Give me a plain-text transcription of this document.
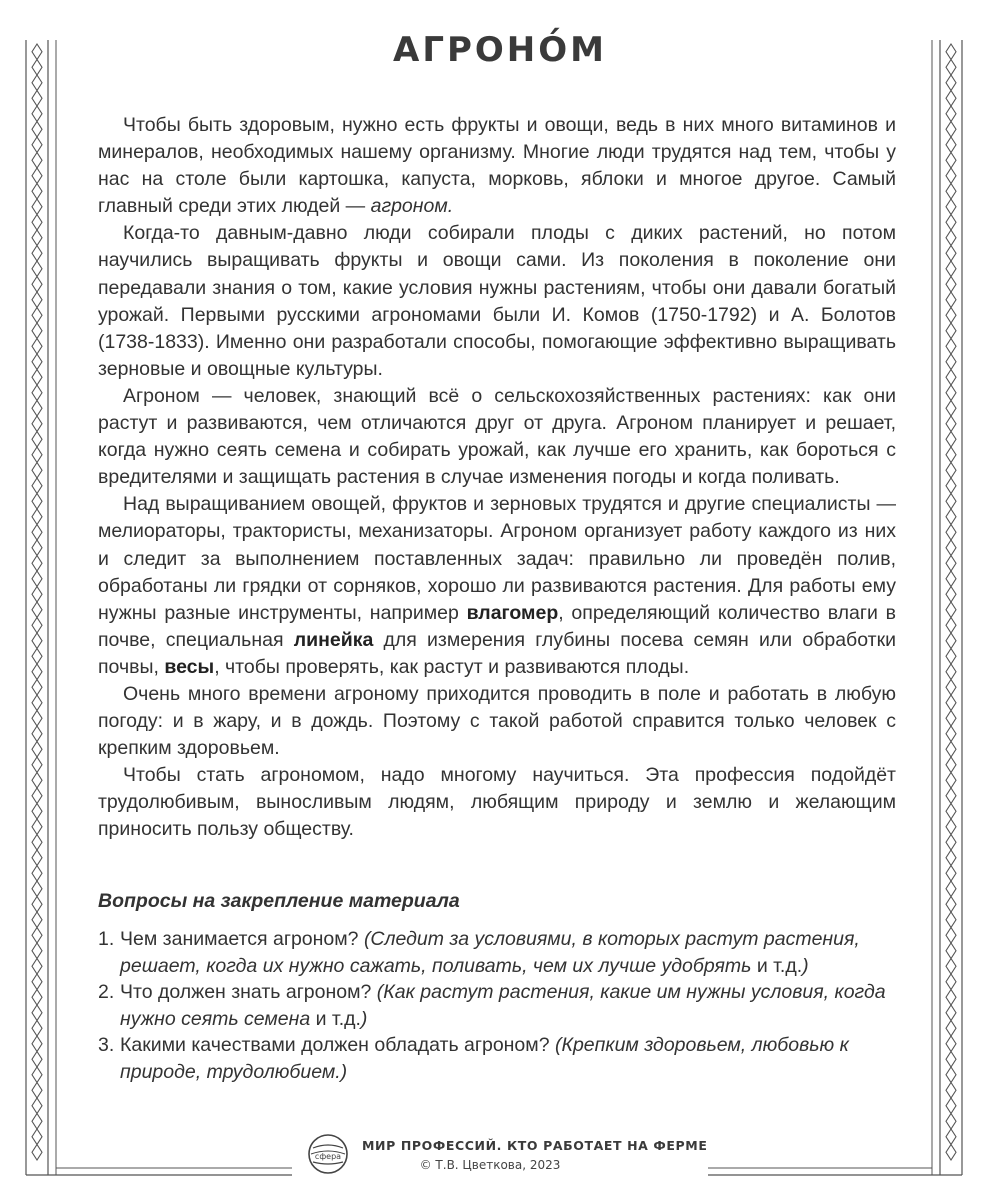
АГРОНО́М

Чтобы быть здоровым, нужно есть фрукты и овощи, ведь в них много витаминов и минералов, необходимых нашему организму. Многие люди трудятся над тем, чтобы у нас на столе были картошка, капуста, морковь, яблоки и многое другое. Самый главный среди этих людей — агроном.

Когда-то давным-давно люди собирали плоды с диких растений, но потом научились выращивать фрукты и овощи сами. Из поколения в поколение они передавали знания о том, какие условия нужны растениям, чтобы они давали богатый урожай. Первыми русскими агрономами были И. Комов (1750-1792) и А. Болотов (1738-1833). Именно они разработали способы, помогающие эффективно выращивать зерновые и овощные культуры.

Агроном — человек, знающий всё о сельскохозяйственных растениях: как они растут и развиваются, чем отличаются друг от друга. Агроном планирует и решает, когда нужно сеять семена и собирать урожай, как лучше его хранить, как бороться с вредителями и защищать растения в случае изменения погоды и когда поливать.

Над выращиванием овощей, фруктов и зерновых трудятся и другие специалисты — мелиораторы, трактористы, механизаторы. Агроном организует работу каждого из них и следит за выполнением поставленных задач: правильно ли проведён полив, обработаны ли грядки от сорняков, хорошо ли развиваются растения. Для работы ему нужны разные инструменты, например влагомер, определяющий количество влаги в почве, специальная линейка для измерения глубины посева семян или обработки почвы, весы, чтобы проверять, как растут и развиваются плоды.

Очень много времени агроному приходится проводить в поле и работать в любую погоду: и в жару, и в дождь. Поэтому с такой работой справится только человек с крепким здоровьем.

Чтобы стать агрономом, надо многому научиться. Эта профессия подойдёт трудолюбивым, выносливым людям, любящим природу и землю и желающим приносить пользу обществу.

Вопросы на закрепление материала
1. Чем занимается агроном? (Следит за условиями, в которых растут растения, решает, когда их нужно сажать, поливать, чем их лучше удобрять и т.д.)
2. Что должен знать агроном? (Как растут растения, какие им нужны условия, когда нужно сеять семена и т.д.)
3. Какими качествами должен обладать агроном? (Крепким здоровьем, любовью к природе, трудолюбием.)
сфера
МИР ПРОФЕССИЙ. КТО РАБОТАЕТ НА ФЕРМЕ
© Т.В. Цветкова, 2023
